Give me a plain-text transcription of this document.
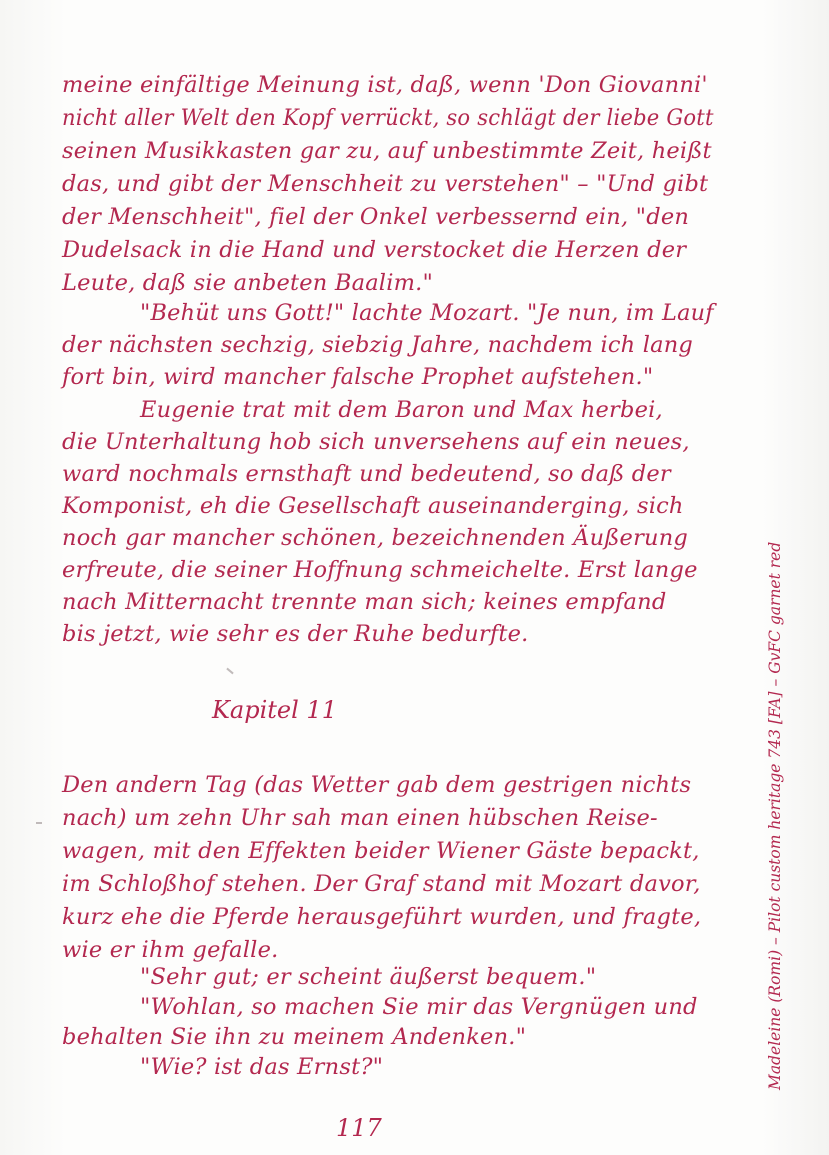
meine einfältige Meinung ist, daß, wenn 'Don Giovanni'
nicht aller Welt den Kopf verrückt, so schlägt der liebe Gott
seinen Musikkasten gar zu, auf unbestimmte Zeit, heißt
das, und gibt der Menschheit zu verstehen" – "Und gibt
der Menschheit", fiel der Onkel verbessernd ein, "den
Dudelsack in die Hand und verstocket die Herzen der
Leute, daß sie anbeten Baalim."
"Behüt uns Gott!" lachte Mozart. "Je nun, im Lauf
der nächsten sechzig, siebzig Jahre, nachdem ich lang
fort bin, wird mancher falsche Prophet aufstehen."
Eugenie trat mit dem Baron und Max herbei,
die Unterhaltung hob sich unversehens auf ein neues,
ward nochmals ernsthaft und bedeutend, so daß der
Komponist, eh die Gesellschaft auseinanderging, sich
noch gar mancher schönen, bezeichnenden Äußerung
erfreute, die seiner Hoffnung schmeichelte. Erst lange
nach Mitternacht trennte man sich; keines empfand
bis jetzt, wie sehr es der Ruhe bedurfte.
Kapitel 11
Den andern Tag (das Wetter gab dem gestrigen nichts
nach) um zehn Uhr sah man einen hübschen Reise-
wagen, mit den Effekten beider Wiener Gäste bepackt,
im Schloßhof stehen. Der Graf stand mit Mozart davor,
kurz ehe die Pferde herausgeführt wurden, und fragte,
wie er ihm gefalle.
"Sehr gut; er scheint äußerst bequem."
"Wohlan, so machen Sie mir das Vergnügen und
behalten Sie ihn zu meinem Andenken."
"Wie? ist das Ernst?"
117
Madeleine (Romi) – Pilot custom heritage 743 [FA] – GvFC garnet red
